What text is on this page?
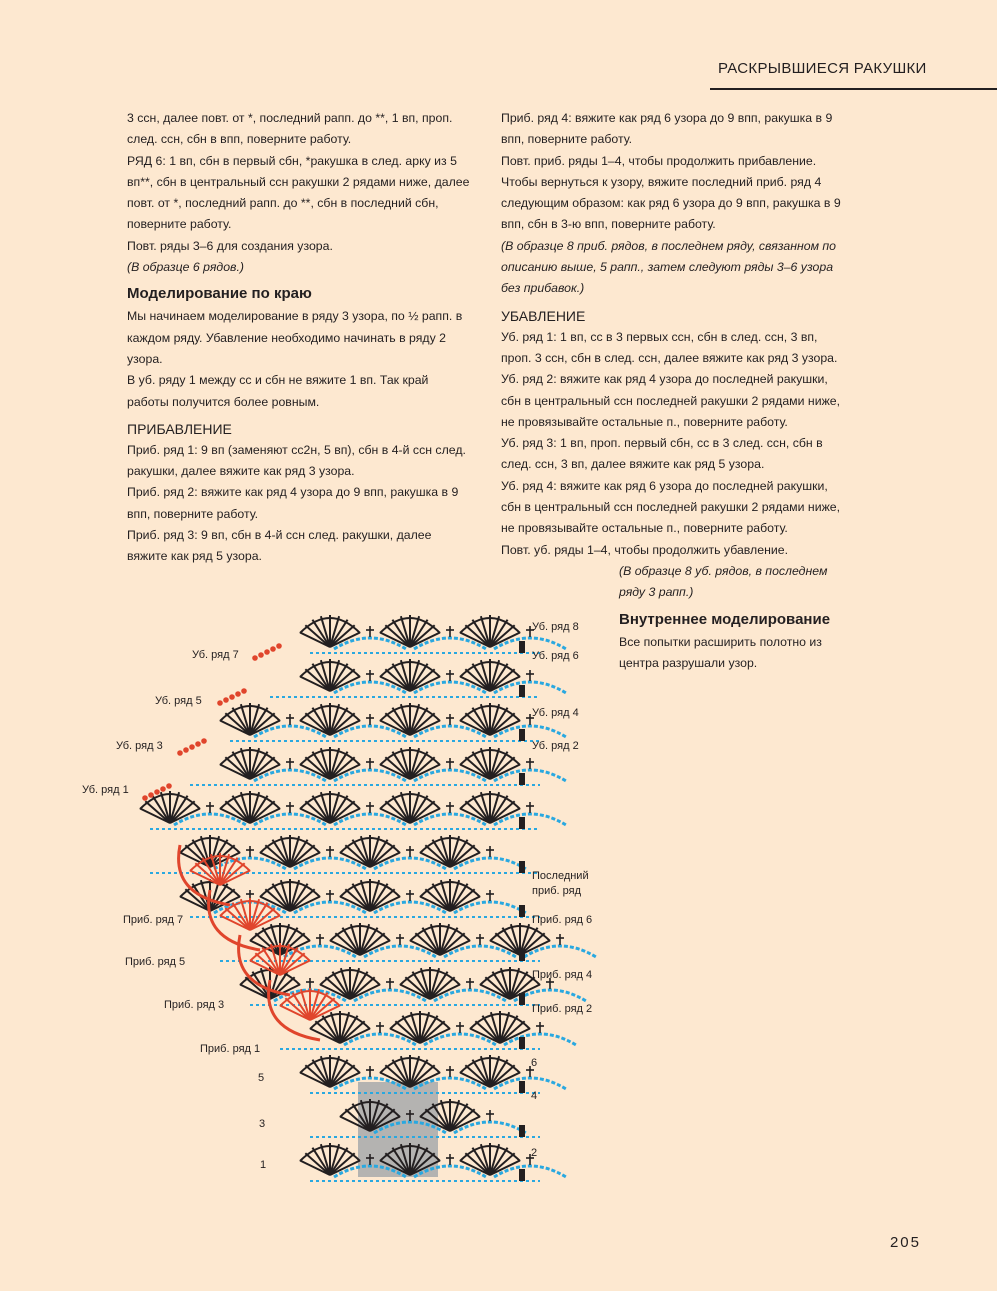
РАСКРЫВШИЕСЯ РАКУШКИ

3 ссн, далее повт. от *, последний рапп. до **, 1 вп, проп. след. ссн, сбн в впп, поверните работу.

РЯД 6: 1 вп, сбн в первый сбн, *ракушка в след. арку из 5 вп**, сбн в центральный ссн ракушки 2 рядами ниже, далее повт. от *, последний рапп. до **, сбн в последний сбн, поверните работу.

Повт. ряды 3–6 для создания узора.

(В образце 6 рядов.)

Моделирование по краю

Мы начинаем моделирование в ряду 3 узора, по ½ рапп. в каждом ряду. Убавление необходимо начинать в ряду 2 узора.

В уб. ряду 1 между сс и сбн не вяжите 1 вп. Так край работы получится более ровным.

ПРИБАВЛЕНИЕ

Приб. ряд 1: 9 вп (заменяют сс2н, 5 вп), сбн в 4-й ссн след. ракушки, далее вяжите как ряд 3 узора.

Приб. ряд 2: вяжите как ряд 4 узора до 9 впп, ракушка в 9 впп, поверните работу.

Приб. ряд 3: 9 вп, сбн в 4-й ссн след. ракушки, далее вяжите как ряд 5 узора.

Приб. ряд 4: вяжите как ряд 6 узора до 9 впп, ракушка в 9 впп, поверните работу.

Повт. приб. ряды 1–4, чтобы продолжить прибавление.

Чтобы вернуться к узору, вяжите последний приб. ряд 4 следующим образом: как ряд 6 узора до 9 впп, ракушка в 9 впп, сбн в 3-ю впп, поверните работу.

(В образце 8 приб. рядов, в последнем ряду, связанном по описанию выше, 5 рапп., затем следуют ряды 3–6 узора без прибавок.)

УБАВЛЕНИЕ

Уб. ряд 1: 1 вп, сс в 3 первых ссн, сбн в след. ссн, 3 вп, проп. 3 ссн, сбн в след. ссн, далее вяжите как ряд 3 узора.

Уб. ряд 2: вяжите как ряд 4 узора до последней ракушки, сбн в центральный ссн последней ракушки 2 рядами ниже, не провязывайте остальные п., поверните работу.

Уб. ряд 3: 1 вп, проп. первый сбн, сс в 3 след. ссн, сбн в след. ссн, 3 вп, далее вяжите как ряд 5 узора.

Уб. ряд 4: вяжите как ряд 6 узора до последней ракушки, сбн в центральный ссн последней ракушки 2 рядами ниже, не провязывайте остальные п., поверните работу.

Повт. уб. ряды 1–4, чтобы продолжить убавление.

(В образце 8 уб. рядов, в последнем ряду 3 рапп.)

Внутреннее моделирование

Все попытки расширить полотно из центра разрушали узор.

Уб. ряд 7
Уб. ряд 5
Уб. ряд 3
Уб. ряд 1
Уб. ряд 8
Уб. ряд 6
Уб. ряд 4
Уб. ряд 2
Последний
приб. ряд
Приб. ряд 6
Приб. ряд 4
Приб. ряд 2
Приб. ряд 7
Приб. ряд 5
Приб. ряд 3
Приб. ряд 1
5
3
1
6
4
2
205
